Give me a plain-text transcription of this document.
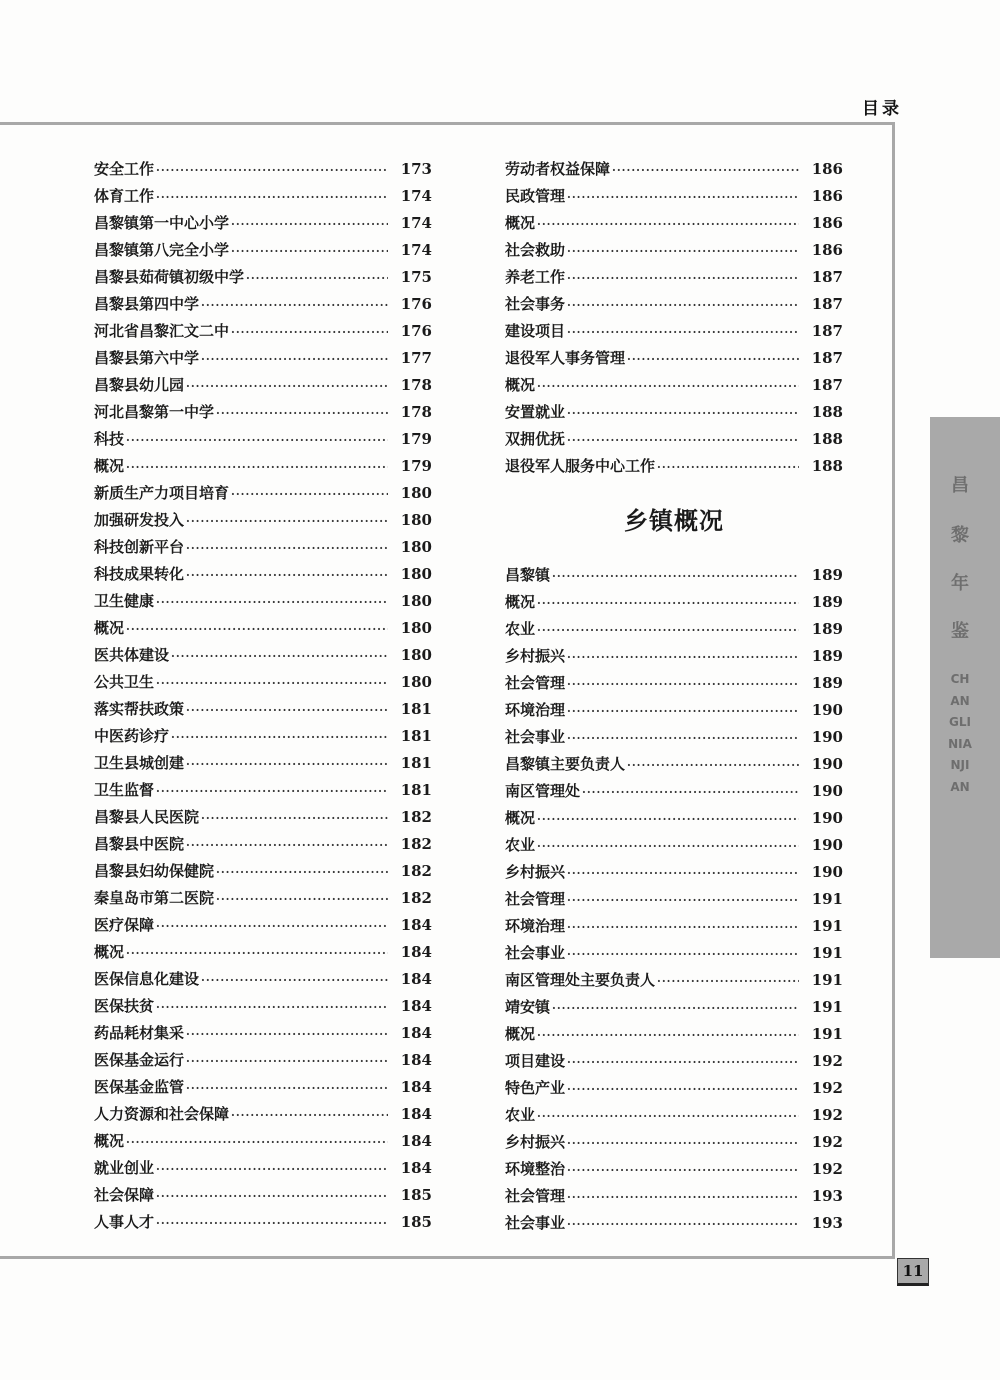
目录
安全工作 ·····	173
体育工作 ·····	174
昌黎镇第一中心小学 ·····	174
昌黎镇第八完全小学 ·····	174
昌黎县茹荷镇初级中学 ·····	175
昌黎县第四中学 ·····	176
河北省昌黎汇文二中 ·····	176
昌黎县第六中学 ·····	177
昌黎县幼儿园 ·····	178
河北昌黎第一中学 ·····	178
科技 ·····	179
概况 ·····	179
新质生产力项目培育 ·····	180
加强研发投入 ·····	180
科技创新平台 ·····	180
科技成果转化 ·····	180
卫生健康 ·····	180
概况 ·····	180
医共体建设 ·····	180
公共卫生 ·····	180
落实帮扶政策 ·····	181
中医药诊疗 ·····	181
卫生县城创建 ·····	181
卫生监督 ·····	181
昌黎县人民医院 ·····	182
昌黎县中医院 ·····	182
昌黎县妇幼保健院 ·····	182
秦皇岛市第二医院 ·····	182
医疗保障 ·····	184
概况 ·····	184
医保信息化建设 ·····	184
医保扶贫 ·····	184
药品耗材集采 ·····	184
医保基金运行 ·····	184
医保基金监管 ·····	184
人力资源和社会保障 ·····	184
概况 ·····	184
就业创业 ·····	184
社会保障 ·····	185
人事人才 ·····	185
劳动者权益保障 ·····	186
民政管理 ·····	186
概况 ·····	186
社会救助 ·····	186
养老工作 ·····	187
社会事务 ·····	187
建设项目 ·····	187
退役军人事务管理 ·····	187
概况 ·····	187
安置就业 ·····	188
双拥优抚 ·····	188
退役军人服务中心工作 ·····	188
乡镇概况
昌黎镇 ·····	189
概况 ·····	189
农业 ·····	189
乡村振兴 ·····	189
社会管理 ·····	189
环境治理 ·····	190
社会事业 ·····	190
昌黎镇主要负责人 ·····	190
南区管理处 ·····	190
概况 ·····	190
农业 ·····	190
乡村振兴 ·····	190
社会管理 ·····	191
环境治理 ·····	191
社会事业 ·····	191
南区管理处主要负责人 ·····	191
靖安镇 ·····	191
概况 ·····	191
项目建设 ·····	192
特色产业 ·····	192
农业 ·····	192
乡村振兴 ·····	192
环境整治 ·····	192
社会管理 ·····	193
社会事业 ·····	193
昌
黎
年
鉴
CHANGLINIANJIAN
11
